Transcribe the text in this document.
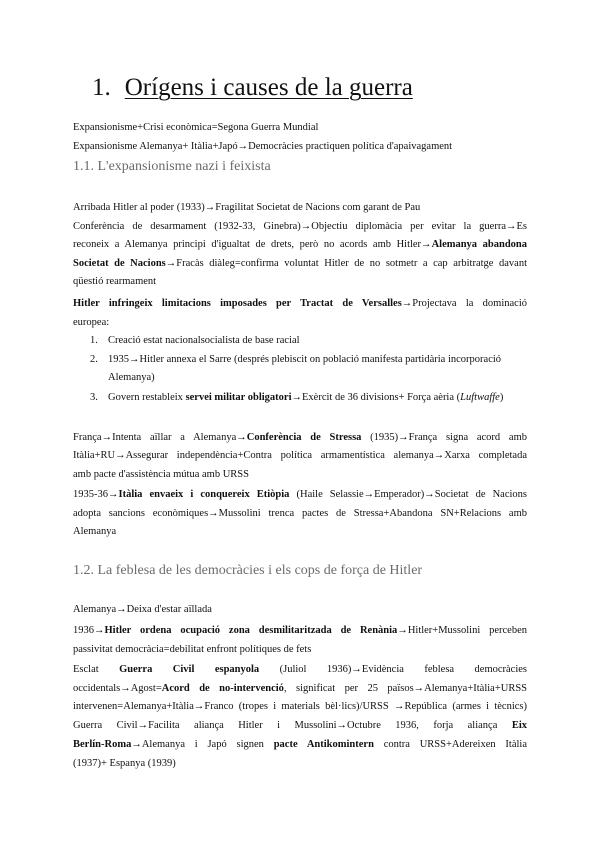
1. Orígens i causes de la guerra

Expansionisme+Crisi econòmica=Segona Guerra Mundial

Expansionisme Alemanya+ Itàlia+Japó→Democràcies practiquen política d'apaivagament

1.1. L'expansionisme nazi i feixista

Arribada Hitler al poder (1933)→Fragilitat Societat de Nacions com garant de Pau

Conferència de desarmament (1932-33, Ginebra)→Objectiu diplomàcia per evitar la guerra→Es

reconeix a Alemanya principi d'igualtat de drets, però no acords amb Hitler→Alemanya abandona

Societat de Nacions→Fracàs diàleg=confirma voluntat Hitler de no sotmetr a cap arbitratge davant

qüestió rearmament

Hitler infringeix limitacions imposades per Tractat de Versalles→Projectava la dominació

europea:

1. Creació estat nacionalsocialista de base racial

2. 1935→Hitler annexa el Sarre (després plebiscit on població manifesta partidària incorporació

Alemanya)

3. Govern restableix servei militar obligatori→Exèrcit de 36 divisions+ Força aèria (Luftwaffe)

França→Intenta aïllar a Alemanya→Conferència de Stressa (1935)→França signa acord amb

Itàlia+RU→Assegurar independència+Contra política armamentística alemanya→Xarxa completada

amb pacte d'assistència mútua amb URSS

1935-36→Itàlia envaeix i conquereix Etiòpia (Haile Selassie→Emperador)→Societat de Nacions

adopta sancions econòmiques→Mussolini trenca pactes de Stressa+Abandona SN+Relacions amb

Alemanya

1.2. La feblesa de les democràcies i els cops de força de Hitler

Alemanya→Deixa d'estar aïllada

1936→Hitler ordena ocupació zona desmilitaritzada de Renània→Hitler+Mussolini perceben

passivitat democràcia=debilitat enfront polítiques de fets

Esclat Guerra Civil espanyola (Juliol 1936)→Evidència feblesa democràcies

occidentals→Agost=Acord de no-intervenció, significat per 25 països→Alemanya+Itàlia+URSS

intervenen=Alemanya+Itàlia→Franco (tropes i materials bèl·lics)/URSS →República (armes i tècnics)

Guerra Civil→Facilita aliança Hitler i Mussolini→Octubre 1936, forja aliança Eix

Berlín-Roma→Alemanya i Japó signen pacte Antikomintern contra URSS+Adereixen Itàlia

(1937)+ Espanya (1939)
